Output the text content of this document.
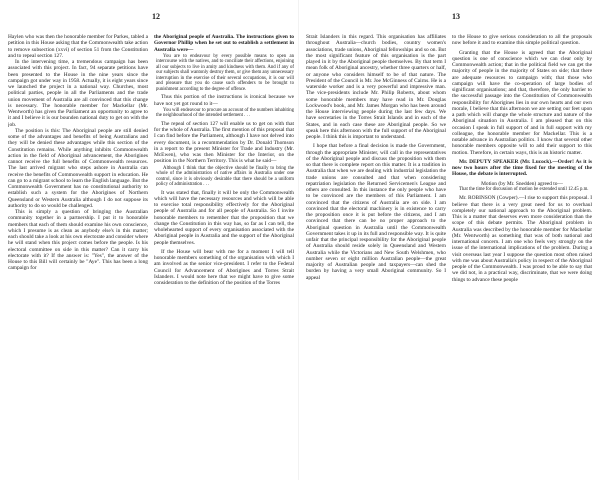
12

Haylen who was then the honorable member for Parkes, tabled a petition in this House asking that the Commonwealth take action to remove subsection (xxvi) of section 51 from the Constitution and to repeal section 127.

In the intervening time, a tremendous campaign has been associated with this project. In fact, 94 separate petitions have been presented to the House in the nine years since the campaign got under way in 1958. Actually, it is eight years since we launched the project in a national way. Churches, most political parties, people in all the Parliaments and the trade union movement of Australia are all convinced that this change is necessary. The honorable member for Mackellar (Mr. Wentworth) has given the Parliament an opportunity to agree to it and I believe it is our bounden national duty to get on with the job.

The position is this: The Aboriginal people are still denied some of the advantages and benefits of being Australians and they will be denied these advantages while this section of the Constitution remains. While anything inhibits Commonwealth action in the field of Aboriginal advancement, the Aborigines cannot receive the full benefits of Commonwealth resources. The last arrived migrant who steps ashore in Australia can receive the benefits of Commonwealth support in education. He can go to a migrant school to learn the English language. But the Commonwealth Government has no constitutional authority to establish such a system for the Aborigines of Northern Queensland or Western Australia although I do not suppose its authority to do so would be challenged.

This is simply a question of bringing the Australian community together in a partnership. I put it to honorable members that each of them should examine his own conscience, which I presume is as clean as anybody else's in this matter; each should take a look at his own electorate and consider where he will stand when this project comes before the people. Is his electoral committee on side in this matter? Can it carry his electorate with it? If the answer is: "Yes", the answer of the House to this Bill will certainly be "Aye". This has been a long campaign for

the Aboriginal people of Australia. The instructions given to Governor Phillip when he set out to establish a settlement in Australia were—

You are to endeavour by every possible means to open an intercourse with the natives, and to conciliate their affections, enjoining all our subjects to live in amity and kindness with them. And if any of our subjects shall wantonly destroy them, or give them any unnecessary interruption in the exercise of their several occupations, it is our will and pleasure that you do cause such offenders to be brought to punishment according to the degree of offence.

Thus this portion of the instructions is ironical because we have not yet got round to it—

You will endeavour to procure an account of the numbers inhabiting the neighbourhood of the intended settlement . . .

The repeal of section 127 will enable us to get on with that for the whole of Australia. The first mention of this proposal that I can find before the Parliament, although I have not delved into every document, is a recommendation by Dr. Donald Thomson in a report to the present Minister for Trade and Industry (Mr. McEwen), who was then Minister for the Interior, on the position in the Northern Territory. This is what he said—

Although I think that the objective should be finally to bring the whole of the administration of native affairs in Australia under one control, since it is obviously desirable that there should be a uniform policy of administration . . .

It was stated that, finally it will be only the Commonwealth which will have the necessary resources and which will be able to exercise total responsibility effectively for the Aboriginal people of Australia and for all people of Australia. So I invite honorable members to remember that the proposition that we change the Constitution in this way has, so far as I can tell, the wholehearted support of every organisation associated with the Aboriginal people in Australia and the support of the Aboriginal people themselves.

If the House will bear with me for a moment I will tell honorable members something of the organisation with which I am involved as the senior vice-president. I refer to the Federal Council for Advancement of Aborigines and Torres Strait Islanders. I would note here that we might have to give some consideration to the definition of the position of the Torres

13

Strait Islanders in this regard. This organisation has affiliates throughout Australia—church bodies, country women's associations, trade unions, Aboriginal fellowships and so on. But the most significant feature of this organisation is the part played in it by the Aboriginal people themselves. By that term I mean folk of Aboriginal ancestry, whether three quarters or half, or anyone who considers himself to be of that nature. The President of the Council is Mr. Joe McGinness of Cairns. He is a waterside worker and is a very powerful and impressive man. The vice-presidents include Mr. Philip Roberts, about whom some honorable members may have read in Mr. Douglas Lockwood's book, and Mr. James Morgan who has been around the House interviewing people during the last few days. We have secretaries in the Torres Strait Islands and in each of the States, and in each case these are Aboriginal people. So we speak here this afternoon with the full support of the Aboriginal people. I think this is important to understand.

I hope that before a final decision is made the Government, through the appropriate Minister, will call in the representatives of the Aboriginal people and discuss the proposition with them so that there is complete report on this matter. It is a tradition in Australia that when we are dealing with industrial legislation the trade unions are consulted and that when considering repatriation legislation the Returned Servicemen's League and others are consulted. In this instance the only people who have to be convinced are the members of this Parliament. I am convinced that the citizens of Australia are on side. I am convinced that the electoral machinery is in existence to carry the proposition once it is put before the citizens, and I am convinced that there can be no proper approach to the Aboriginal question in Australia until the Commonwealth Government takes it up in its full and responsible way. It is quite unfair that the principal responsibility for the Aboriginal people of Australia should reside solely in Queensland and Western Australia while the Victorians and New South Welshmen, who number seven or eight million Australian people—the great majority of Australian people and taxpayers—can shed the burden by having a very small Aboriginal community. So I appeal

to the House to give serious consideration to all the proposals now before it and to examine this simple political question.

Granting that the House is agreed that the Aboriginal question is one of conscience which we can clear only by Commonwealth action; that in the political field we can get the majority of people in the majority of States on side; that there are adequate resources to campaign with; that those who campaign will have the co-operation of large bodies of significant organisations; and that, therefore, the only barrier to the successful passage into the Constitution of Commonwealth responsibility for Aborigines lies in our own hearts and our own morale, I believe that this afternoon we are setting our feet upon a path which will change the whole structure and nature of the Aboriginal situation in Australia. I am pleased that on this occasion I speak in full support of and in full support with my colleague, the honorable member for Mackellar. This is a notable advance in Australian politics. I know that several other honorable members opposite will to add their support to this motion. Therefore, in certain ways, this is an historic matter.

Mr. DEPUTY SPEAKER (Mr. Lucock).—Order! As it is now two hours after the time fixed for the meeting of the House, the debate is interrupted.

Motion (by Mr. Snedden) agreed to—

That the time for discussion of motion be extended until 12.45 p.m.

Mr. ROBINSON (Cowper).—I rise to support this proposal. I believe that there is a very great need for us to overhaul completely our national approach to the Aboriginal problem. This is a matter that deserves even more consideration than the scope of this debate permits. The Aboriginal problem in Australia was described by the honorable member for Mackellar (Mr. Wentworth) as something that was of both national and international concern. I am one who feels very strongly on the issue of the international implications of the problem. During a visit overseas last year I suppose the question most often raised with me was about Australia's policy in respect of the Aboriginal people of the Commonwealth. I was proud to be able to say that we did not, in a practical way, discriminate, that we were doing things to advance these people
